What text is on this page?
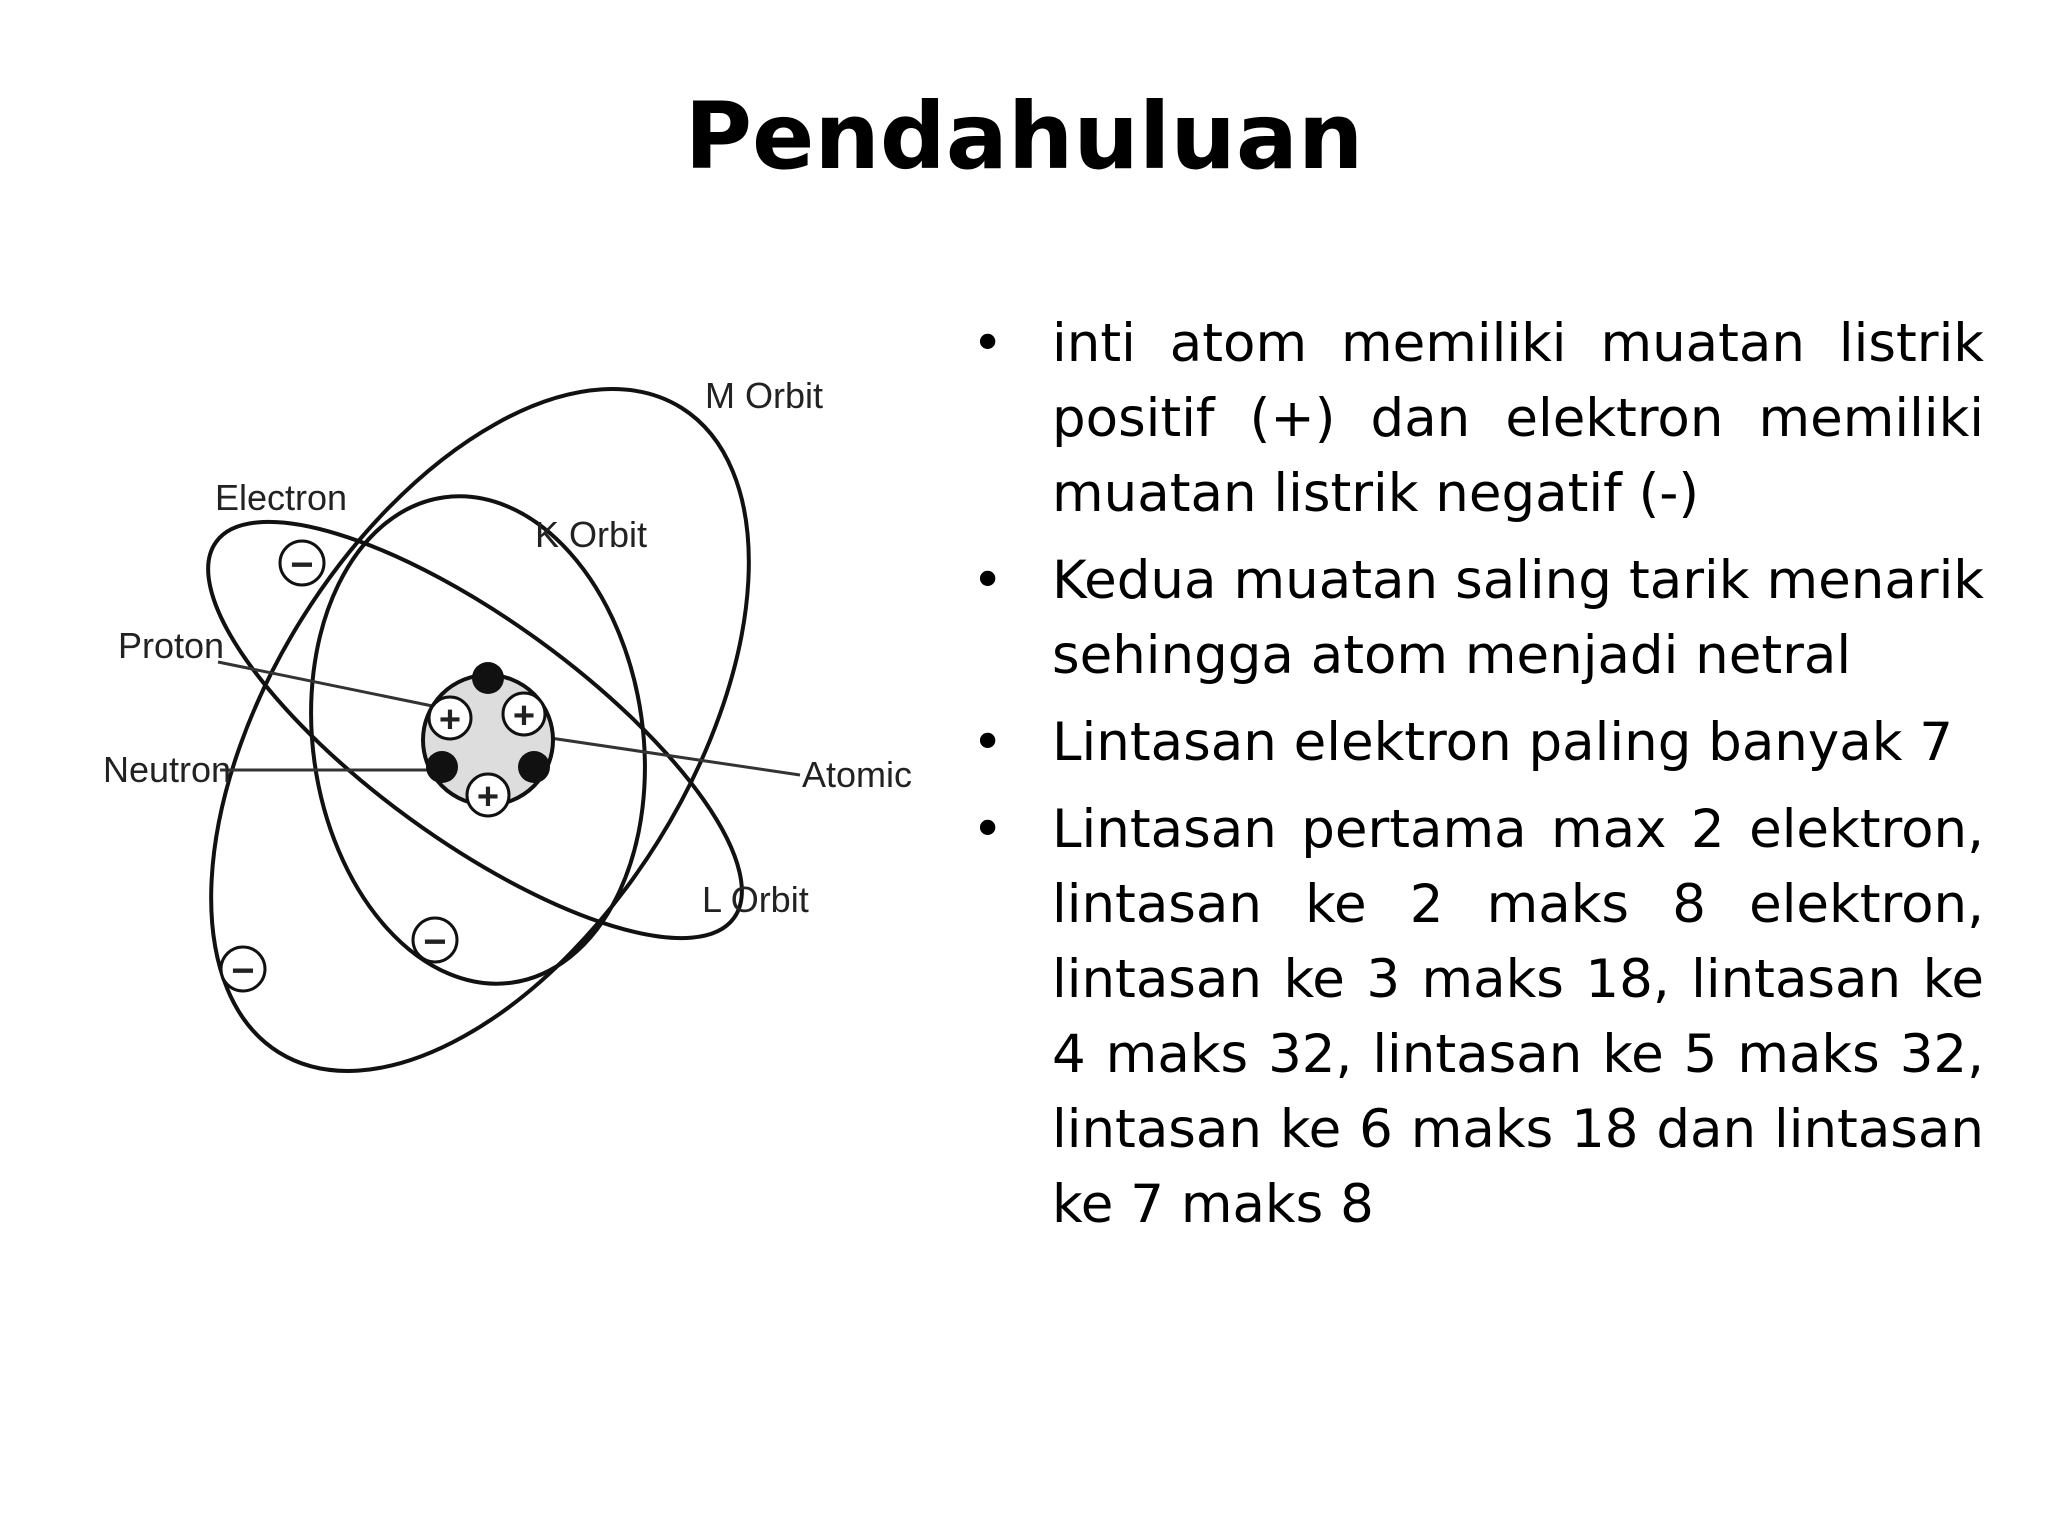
Pendahuluan
+ +
+
−
−
−
M Orbit
Electron
K Orbit
Proton
Neutron	Atomic
L Orbit
• inti atom memiliki muatan listrik positif (+) dan elektron memiliki muatan listrik negatif (-)
• Kedua muatan saling tarik menarik sehingga atom menjadi netral
• Lintasan elektron paling banyak 7
• Lintasan pertama max 2 elektron, lintasan ke 2 maks 8 elektron, lintasan ke 3 maks 18, lintasan ke 4 maks 32, lintasan ke 5 maks 32, lintasan ke 6 maks 18 dan lintasan ke 7 maks 8
